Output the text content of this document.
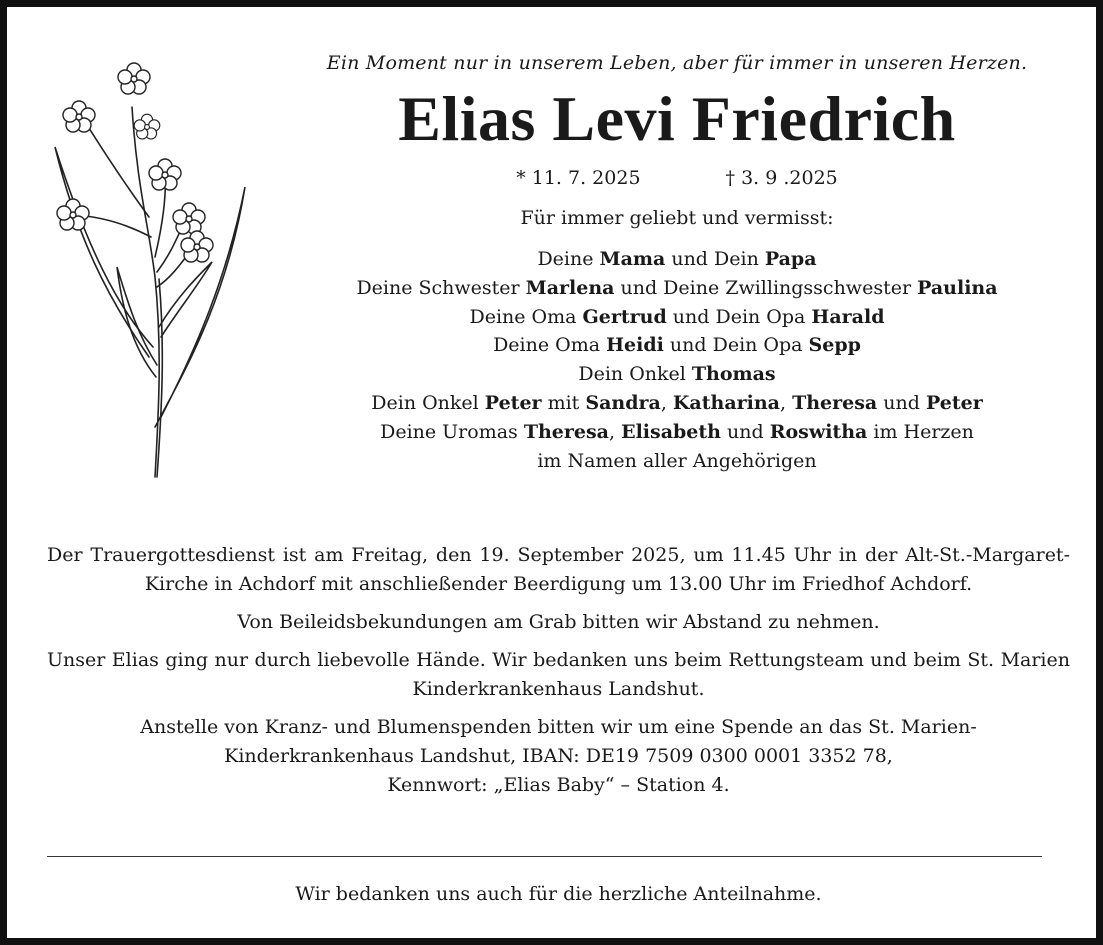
Ein Moment nur in unserem Leben, aber für immer in unseren Herzen.

Elias Levi Friedrich
* 11. 7. 2025	† 3. 9 .2025
Für immer geliebt und vermisst:
Deine Mama und Dein Papa
Deine Schwester Marlena und Deine Zwillingsschwester Paulina
Deine Oma Gertrud und Dein Opa Harald
Deine Oma Heidi und Dein Opa Sepp
Dein Onkel Thomas
Dein Onkel Peter mit Sandra, Katharina, Theresa und Peter
Deine Uromas Theresa, Elisabeth und Roswitha im Herzen
im Namen aller Angehörigen

Der Trauergottesdienst ist am Freitag, den 19. September 2025, um 11.45 Uhr in der Alt-St.-Margaret-Kirche in Achdorf mit anschließender Beerdigung um 13.00 Uhr im Friedhof Achdorf.

Von Beileidsbekundungen am Grab bitten wir Abstand zu nehmen.

Unser Elias ging nur durch liebevolle Hände. Wir bedanken uns beim Rettungsteam und beim St. Marien Kinderkrankenhaus Landshut.

Anstelle von Kranz- und Blumenspenden bitten wir um eine Spende an das St. Marien-
Kinderkrankenhaus Landshut, IBAN: DE19 7509 0300 0001 3352 78,
Kennwort: „Elias Baby“ – Station 4.

Wir bedanken uns auch für die herzliche Anteilnahme.
